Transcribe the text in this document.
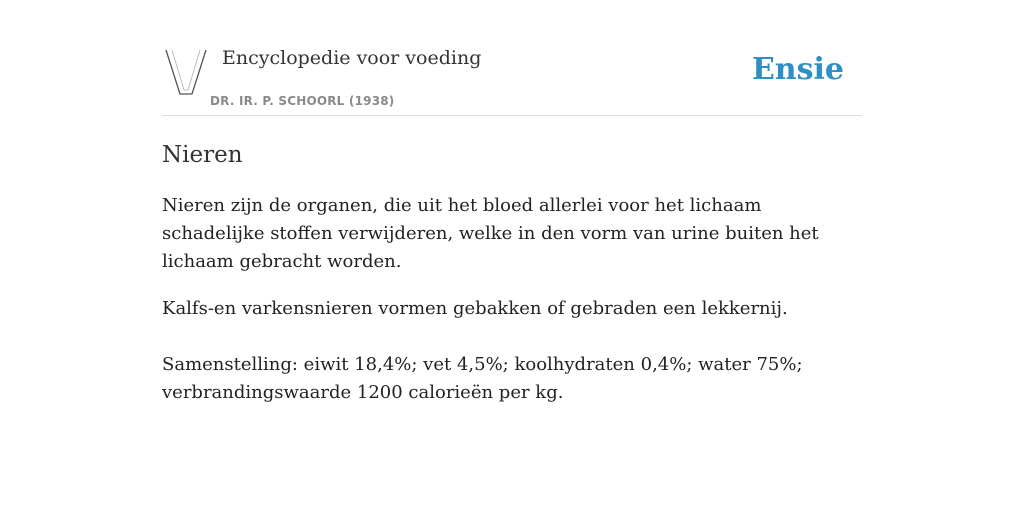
Encyclopedie voor voeding
DR. IR. P. SCHOORL (1938)
Ensie
Nieren

Nieren zijn de organen, die uit het bloed allerlei voor het lichaam schadelijke stoffen verwijderen, welke in den vorm van urine buiten het lichaam gebracht worden.

Kalfs-en varkensnieren vormen gebakken of gebraden een lekkernij.

Samenstelling: eiwit 18,4%; vet 4,5%; koolhydraten 0,4%; water 75%; verbrandingswaarde 1200 calorieën per kg.
